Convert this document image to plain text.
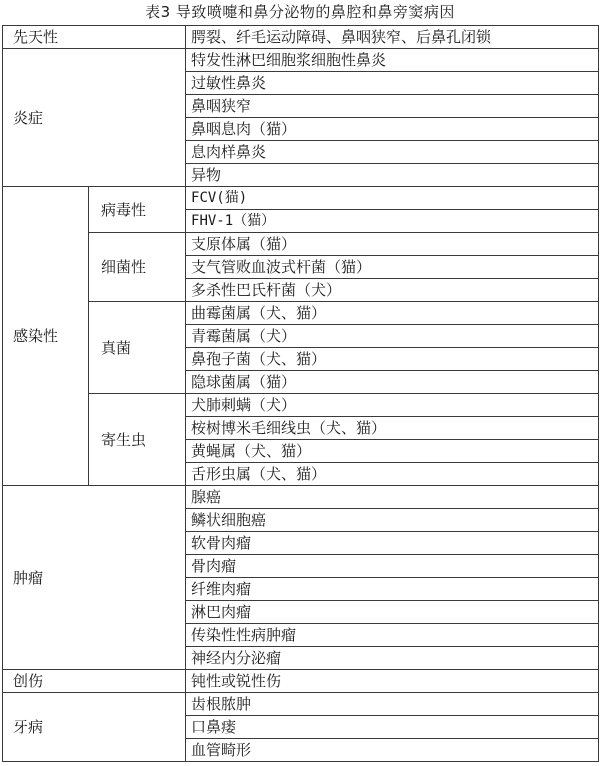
表3 导致喷嚏和鼻分泌物的鼻腔和鼻旁窦病因
先天性		腭裂、纤毛运动障碍、鼻咽狭窄、后鼻孔闭锁
炎症		特发性淋巴细胞浆细胞性鼻炎
		过敏性鼻炎
		鼻咽狭窄
		鼻咽息肉（猫）
		息肉样鼻炎
		异物
感染性	病毒性	FCV(猫)
		FHV-1（猫）
	细菌性	支原体属（猫）
		支气管败血波式杆菌（猫）
		多杀性巴氏杆菌（犬）
	真菌	曲霉菌属（犬、猫）
		青霉菌属（犬）
		鼻孢子菌（犬、猫）
		隐球菌属（猫）
	寄生虫	犬肺刺螨（犬）
		桉树博米毛细线虫（犬、猫）
		黄蝇属（犬、猫）
		舌形虫属（犬、猫）
肿瘤		腺癌
		鳞状细胞癌
		软骨肉瘤
		骨肉瘤
		纤维肉瘤
		淋巴肉瘤
		传染性性病肿瘤
		神经内分泌瘤
创伤		钝性或锐性伤
牙病		齿根脓肿
		口鼻瘘
		血管畸形
